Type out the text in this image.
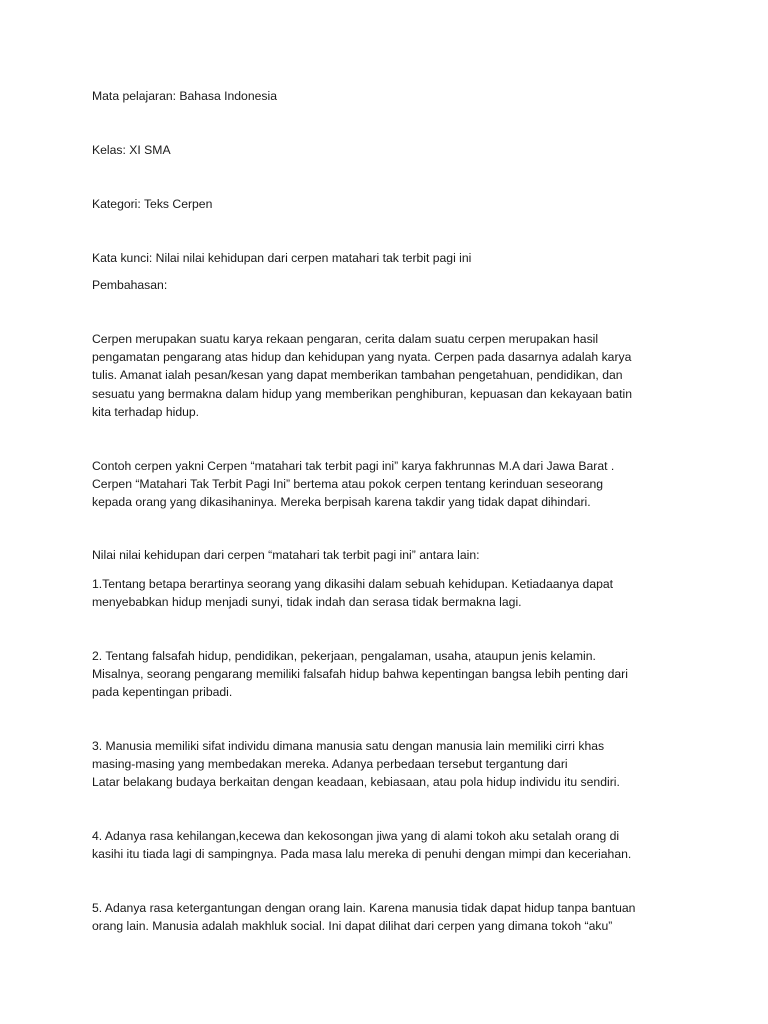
Mata pelajaran: Bahasa Indonesia

Kelas: XI SMA

Kategori: Teks Cerpen

Kata kunci: Nilai nilai kehidupan dari cerpen matahari tak terbit pagi ini

Pembahasan:

Cerpen merupakan suatu karya rekaan pengaran, cerita dalam suatu cerpen merupakan hasil
pengamatan pengarang atas hidup dan kehidupan yang nyata. Cerpen pada dasarnya adalah karya
tulis. Amanat ialah pesan/kesan yang dapat memberikan tambahan pengetahuan, pendidikan, dan
sesuatu yang bermakna dalam hidup yang memberikan penghiburan, kepuasan dan kekayaan batin
kita terhadap hidup.
Contoh cerpen yakni Cerpen “matahari tak terbit pagi ini” karya fakhrunnas M.A dari Jawa Barat .
Cerpen “Matahari Tak Terbit Pagi Ini” bertema atau pokok cerpen tentang kerinduan seseorang
kepada orang yang dikasihaninya. Mereka berpisah karena takdir yang tidak dapat dihindari.

Nilai nilai kehidupan dari cerpen “matahari tak terbit pagi ini” antara lain:

1.Tentang betapa berartinya seorang yang dikasihi dalam sebuah kehidupan. Ketiadaanya dapat
menyebabkan hidup menjadi sunyi, tidak indah dan serasa tidak bermakna lagi.
2. Tentang falsafah hidup, pendidikan, pekerjaan, pengalaman, usaha, ataupun jenis kelamin.
Misalnya, seorang pengarang memiliki falsafah hidup bahwa kepentingan bangsa lebih penting dari
pada kepentingan pribadi.
3. Manusia memiliki sifat individu dimana manusia satu dengan manusia lain memiliki cirri khas
masing-masing yang membedakan mereka. Adanya perbedaan tersebut tergantung dari
Latar belakang budaya berkaitan dengan keadaan, kebiasaan, atau pola hidup individu itu sendiri.
4. Adanya rasa kehilangan,kecewa dan kekosongan jiwa yang di alami tokoh aku setalah orang di
kasihi itu tiada lagi di sampingnya. Pada masa lalu mereka di penuhi dengan mimpi dan keceriahan.
5. Adanya rasa ketergantungan dengan orang lain. Karena manusia tidak dapat hidup tanpa bantuan
orang lain. Manusia adalah makhluk social. Ini dapat dilihat dari cerpen yang dimana tokoh “aku”
